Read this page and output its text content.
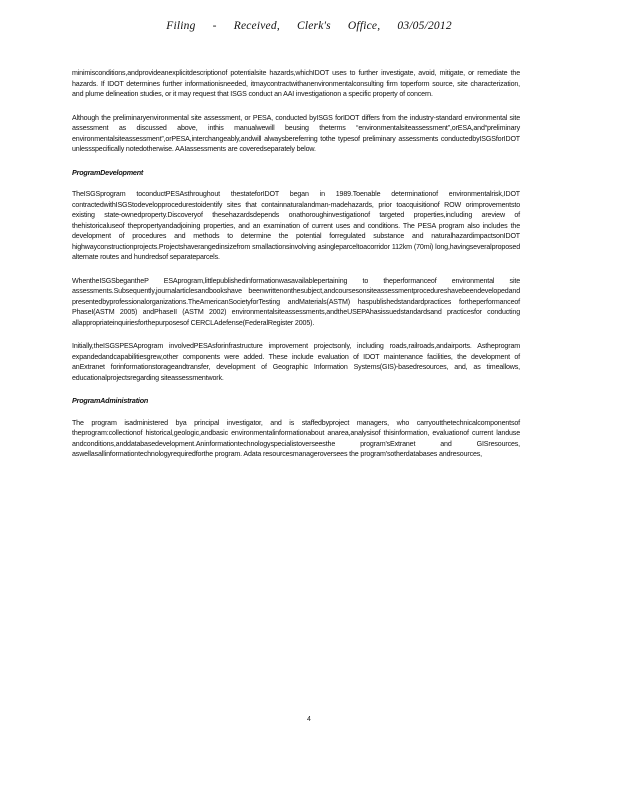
Filing - Received, Clerk's Office, 03/05/2012

minimisconditions,andprovideanexplicitdescriptionof potentialsite hazards,whichIDOT uses to further investigate, avoid, mitigate, or remediate the hazards. If IDOT determines further informationisneeded, itmaycontractwithanenvironmentalconsulting firm toperform source, site characterization, and plume delineation studies, or it may request that ISGS conduct an AAI investigationon a specific property of concern.

Although the preliminaryenvironmental site assessment, or PESA, conducted byISGS forIDOT differs from the industry-standard environmental site assessment as discussed above, inthis manualwewill beusing theterms “environmentalsiteassessment”,orESA,and“preliminary environmentalsiteassessment”,orPESA,interchangeably,andwill alwaysbereferring tothe typesof preliminary assessments conductedbyISGSforIDOT unlessspecifically notedotherwise. AAIassessments are coveredseparately below.

ProgramDevelopment

TheISGSprogram toconductPESAsthroughout thestateforIDOT began in 1989.Toenable determinationof environmentalrisk,IDOT contractedwithISGStodevelopprocedurestoidentify sites that containnaturalandman-madehazards, prior toacquisitionof ROW orimprovementsto existing state-ownedproperty.Discoveryof thesehazardsdepends onathoroughinvestigationof targeted properties,including areview of thehistoricaluseof thepropertyandadjoining properties, and an examination of current uses and conditions. The PESA program also includes the development of procedures and methods to determine the potential forregulated substance and naturalhazardimpactsonIDOT highwayconstructionprojects.Projectshaverangedinsizefrom smallactionsinvolving asingleparceltoacorridor 112km (70mi) long,havingseveralproposed alternate routes and hundredsof separateparcels.

WhentheISGSbegantheP ESAprogram,littlepublishedinformationwasavailablepertaining to theperformanceof environmental site assessments.Subsequently,journalarticlesandbookshave beenwrittenonthesubject,andcoursesonsiteassessmentprocedureshavebeendevelopedand presentedbyprofessionalorganizations.TheAmericanSocietyforTesting andMaterials(ASTM) haspublishedstandardpractices fortheperformanceof PhaseI(ASTM 2005) andPhaseII (ASTM 2002) environmentalsiteassessments,andtheUSEPAhasissuedstandardsand practicesfor conducting allappropriateinquiriesforthepurposesof CERCLAdefense(FederalRegister 2005).

Initially,theISGSPESAprogram involvedPESAsforinfrastructure improvement projectsonly, including roads,railroads,andairports. Astheprogram expandedandcapabilitiesgrew,other components were added. These include evaluation of IDOT maintenance facilities, the development of anExtranet forinformationstorageandtransfer, development of Geographic Information Systems(GIS)-basedresources, and, as timeallows, educationalprojectsregarding siteassessmentwork.

ProgramAdministration

The program isadministered bya principal investigator, and is staffedbyproject managers, who carryoutthetechnicalcomponentsof theprogram:collectionof historical,geologic,andbasic environmentalinformationabout anarea,analysisof thisinformation, evaluationof current landuse andconditions,anddatabasedevelopment.Aninformationtechnologyspecialistoverseesthe program'sExtranet and GISresources, aswellasallinformationtechnologyrequiredforthe program. Adata resourcesmanageroversees the program'sotherdatabases andresources,

4
